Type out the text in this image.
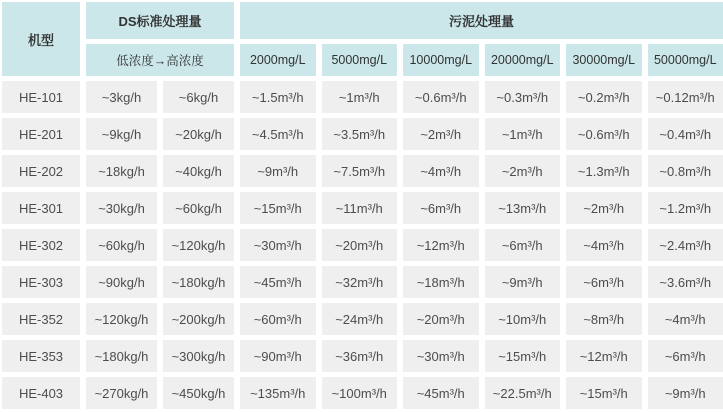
机型
DS标准处理量	污泥处理量
低浓度→高浓度	2000mg/L	5000mg/L	10000mg/L	20000mg/L	30000mg/L	50000mg/L
HE-101	~3kg/h	~6kg/h	~1.5m³/h	~1m³/h	~0.6m³/h	~0.3m³/h	~0.2m³/h	~0.12m³/h
HE-201	~9kg/h	~20kg/h	~4.5m³/h	~3.5m³/h	~2m³/h	~1m³/h	~0.6m³/h	~0.4m³/h
HE-202	~18kg/h	~40kg/h	~9m³/h	~7.5m³/h	~4m³/h	~2m³/h	~1.3m³/h	~0.8m³/h
HE-301	~30kg/h	~60kg/h	~15m³/h	~11m³/h	~6m³/h	~13m³/h	~2m³/h	~1.2m³/h
HE-302	~60kg/h	~120kg/h	~30m³/h	~20m³/h	~12m³/h	~6m³/h	~4m³/h	~2.4m³/h
HE-303	~90kg/h	~180kg/h	~45m³/h	~32m³/h	~18m³/h	~9m³/h	~6m³/h	~3.6m³/h
HE-352	~120kg/h	~200kg/h	~60m³/h	~24m³/h	~20m³/h	~10m³/h	~8m³/h	~4m³/h
HE-353	~180kg/h	~300kg/h	~90m³/h	~36m³/h	~30m³/h	~15m³/h	~12m³/h	~6m³/h
HE-403	~270kg/h	~450kg/h	~135m³/h	~100m³/h	~45m³/h	~22.5m³/h	~15m³/h	~9m³/h
